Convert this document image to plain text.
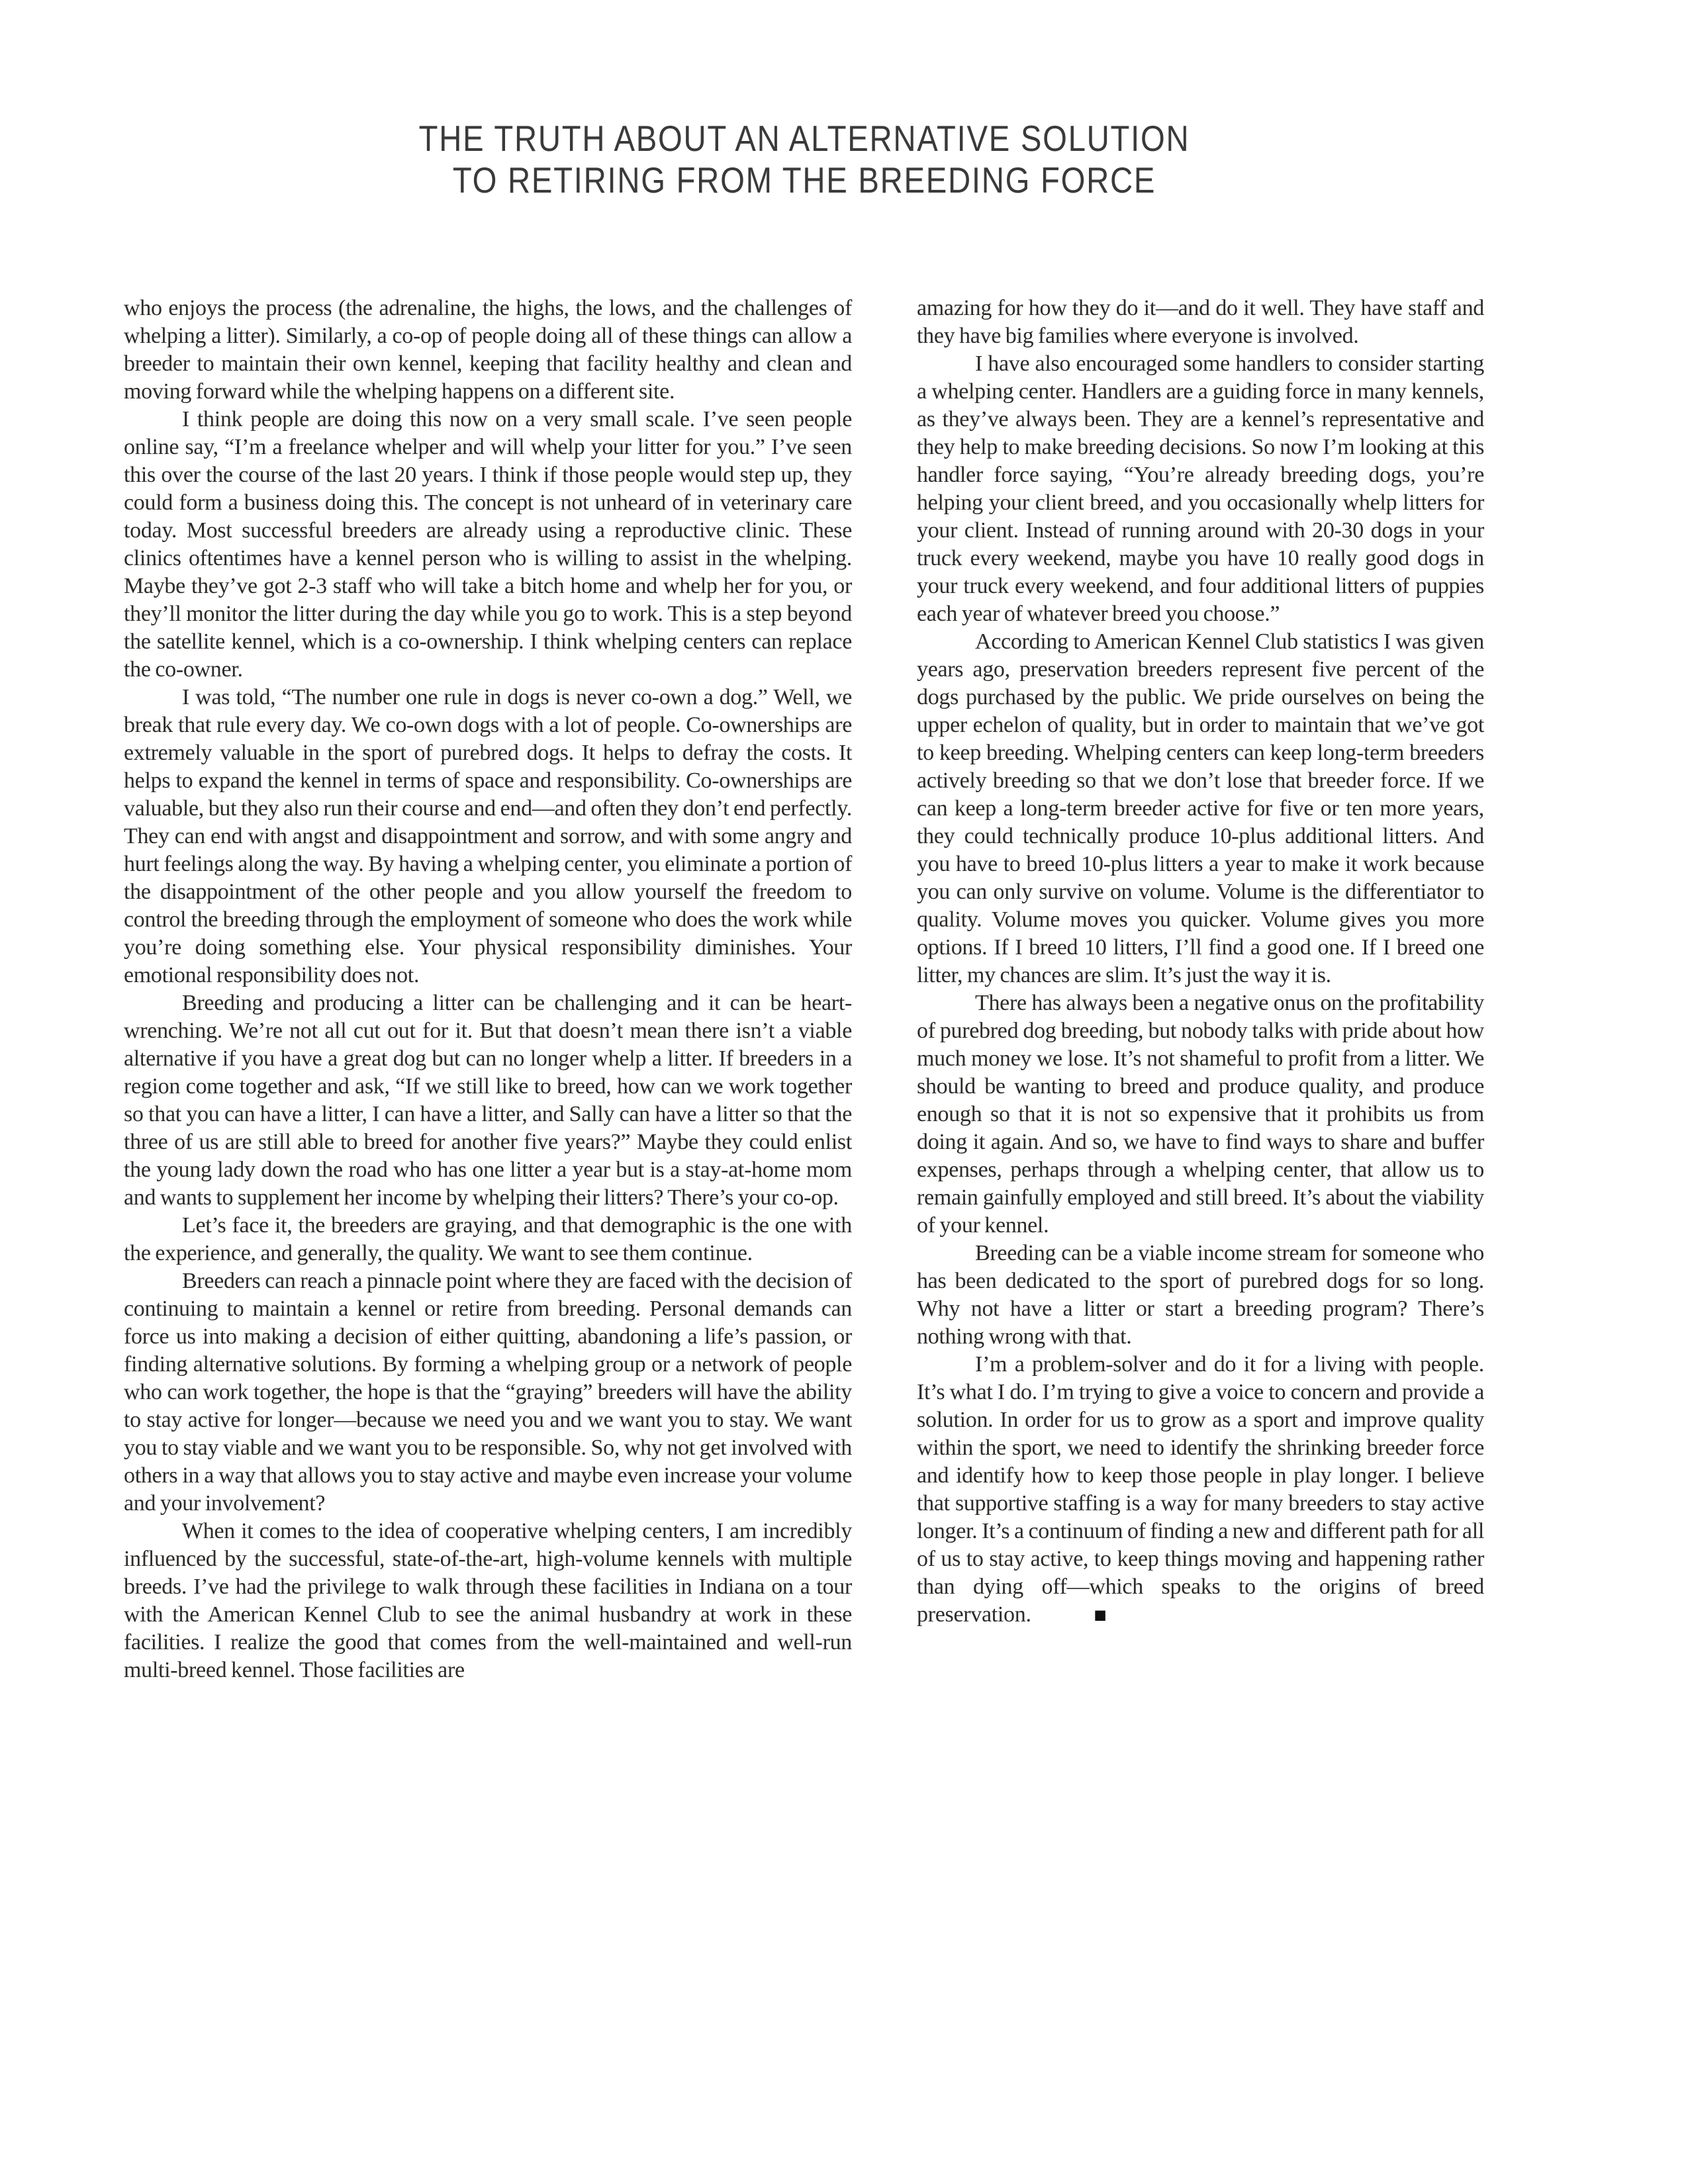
THE TRUTH ABOUT AN ALTERNATIVE SOLUTION
TO RETIRING FROM THE BREEDING FORCE

who enjoys the process (the adrenaline, the highs, the lows, and the challenges of whelping a litter). Similarly, a co-op of people doing all of these things can allow a breeder to maintain their own kennel, keeping that facility healthy and clean and moving forward while the whelping happens on a different site.

I think people are doing this now on a very small scale. I’ve seen people online say, “I’m a freelance whelper and will whelp your litter for you.” I’ve seen this over the course of the last 20 years. I think if those people would step up, they could form a business doing this. The concept is not unheard of in veterinary care today. Most successful breeders are already using a reproductive clinic. These clinics oftentimes have a kennel person who is willing to assist in the whelping. Maybe they’ve got 2-3 staff who will take a bitch home and whelp her for you, or they’ll monitor the litter during the day while you go to work. This is a step beyond the satellite kennel, which is a co-ownership. I think whelping centers can replace the co-owner.

I was told, “The number one rule in dogs is never co-own a dog.” Well, we break that rule every day. We co-own dogs with a lot of people. Co-ownerships are extremely valuable in the sport of purebred dogs. It helps to defray the costs. It helps to expand the kennel in terms of space and responsibility. Co-ownerships are valuable, but they also run their course and end—and often they don’t end perfectly. They can end with angst and disappointment and sorrow, and with some angry and hurt feelings along the way. By having a whelping center, you eliminate a portion of the disappointment of the other people and you allow yourself the freedom to control the breeding through the employment of someone who does the work while you’re doing something else. Your physical responsibility diminishes. Your emotional responsibility does not.

Breeding and producing a litter can be challenging and it can be heart-wrenching. We’re not all cut out for it. But that doesn’t mean there isn’t a viable alternative if you have a great dog but can no longer whelp a litter. If breeders in a region come together and ask, “If we still like to breed, how can we work together so that you can have a litter, I can have a litter, and Sally can have a litter so that the three of us are still able to breed for another five years?” Maybe they could enlist the young lady down the road who has one litter a year but is a stay-at-home mom and wants to supplement her income by whelping their litters? There’s your co-op.

Let’s face it, the breeders are graying, and that demographic is the one with the experience, and generally, the quality. We want to see them continue.

Breeders can reach a pinnacle point where they are faced with the decision of continuing to maintain a kennel or retire from breeding. Personal demands can force us into making a decision of either quitting, abandoning a life’s passion, or finding alternative solutions. By forming a whelping group or a network of people who can work together, the hope is that the “graying” breeders will have the ability to stay active for longer—because we need you and we want you to stay. We want you to stay viable and we want you to be responsible. So, why not get involved with others in a way that allows you to stay active and maybe even increase your volume and your involvement?

When it comes to the idea of cooperative whelping centers, I am incredibly influenced by the successful, state-of-the-art, high-volume kennels with multiple breeds. I’ve had the privilege to walk through these facilities in Indiana on a tour with the American Kennel Club to see the animal husbandry at work in these facilities. I realize the good that comes from the well-maintained and well-run multi-breed kennel. Those facilities are

amazing for how they do it—and do it well. They have staff and they have big families where everyone is involved.

I have also encouraged some handlers to consider starting a whelping center. Handlers are a guiding force in many kennels, as they’ve always been. They are a kennel’s representative and they help to make breeding decisions. So now I’m looking at this handler force saying, “You’re already breeding dogs, you’re helping your client breed, and you occasionally whelp litters for your client. Instead of running around with 20-30 dogs in your truck every weekend, maybe you have 10 really good dogs in your truck every weekend, and four additional litters of puppies each year of whatever breed you choose.”

According to American Kennel Club statistics I was given years ago, preservation breeders represent five percent of the dogs purchased by the public. We pride ourselves on being the upper echelon of quality, but in order to maintain that we’ve got to keep breeding. Whelping centers can keep long-term breeders actively breeding so that we don’t lose that breeder force. If we can keep a long-term breeder active for five or ten more years, they could technically produce 10-plus additional litters. And you have to breed 10-plus litters a year to make it work because you can only survive on volume. Volume is the differentiator to quality. Volume moves you quicker. Volume gives you more options. If I breed 10 litters, I’ll find a good one. If I breed one litter, my chances are slim. It’s just the way it is.

There has always been a negative onus on the profitability of purebred dog breeding, but nobody talks with pride about how much money we lose. It’s not shameful to profit from a litter. We should be wanting to breed and produce quality, and produce enough so that it is not so expensive that it prohibits us from doing it again. And so, we have to find ways to share and buffer expenses, perhaps through a whelping center, that allow us to remain gainfully employed and still breed. It’s about the viability of your kennel.

Breeding can be a viable income stream for someone who has been dedicated to the sport of purebred dogs for so long. Why not have a litter or start a breeding program? There’s nothing wrong with that.

I’m a problem-solver and do it for a living with people. It’s what I do. I’m trying to give a voice to concern and provide a solution. In order for us to grow as a sport and improve quality within the sport, we need to identify the shrinking breeder force and identify how to keep those people in play longer. I believe that supportive staffing is a way for many breeders to stay active longer. It’s a continuum of finding a new and different path for all of us to stay active, to keep things moving and happening rather than dying off—which speaks to the origins of breed preservation.	■
